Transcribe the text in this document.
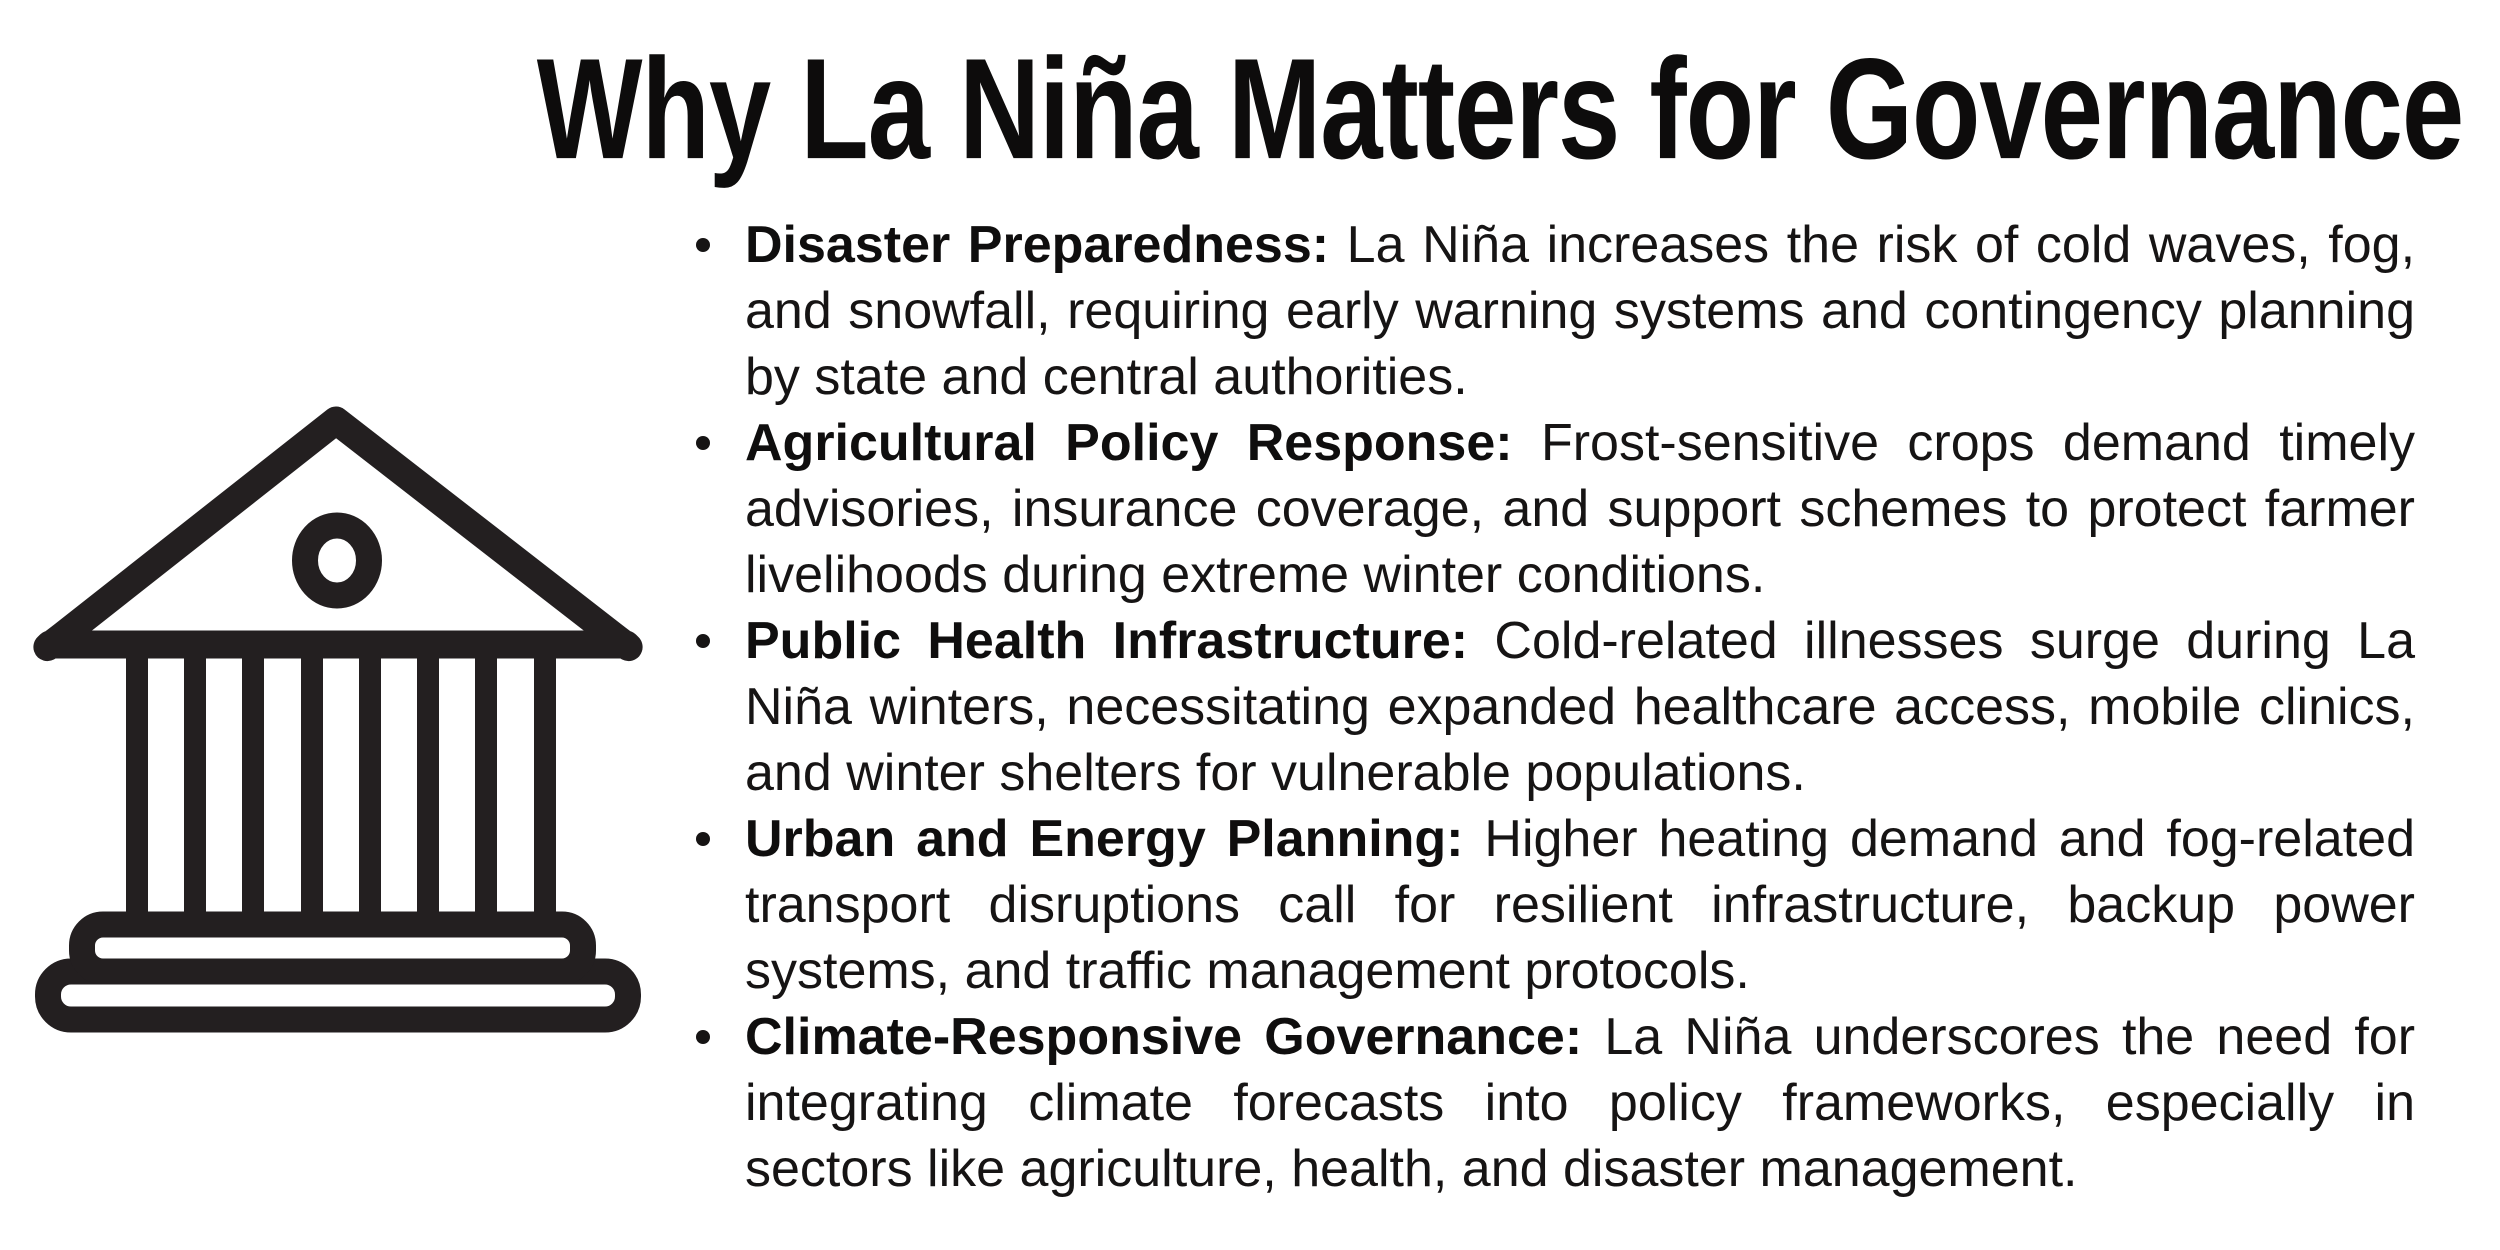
Why La Niña Matters for Governance
Disaster Preparedness: La Niña increases the risk of cold waves, fog, and snowfall, requiring early warning systems and contingency planning by state and central authorities.
Agricultural Policy Response: Frost-sensitive crops demand timely advisories, insurance coverage, and support schemes to protect farmer livelihoods during extreme winter conditions.
Public Health Infrastructure: Cold-related illnesses surge during La Niña winters, necessitating expanded healthcare access, mobile clinics, and winter shelters for vulnerable populations.
Urban and Energy Planning: Higher heating demand and fog-related transport disruptions call for resilient infrastructure, backup power systems, and traffic management protocols.
Climate-Responsive Governance: La Niña underscores the need for integrating climate forecasts into policy frameworks, especially in sectors like agriculture, health, and disaster management.
